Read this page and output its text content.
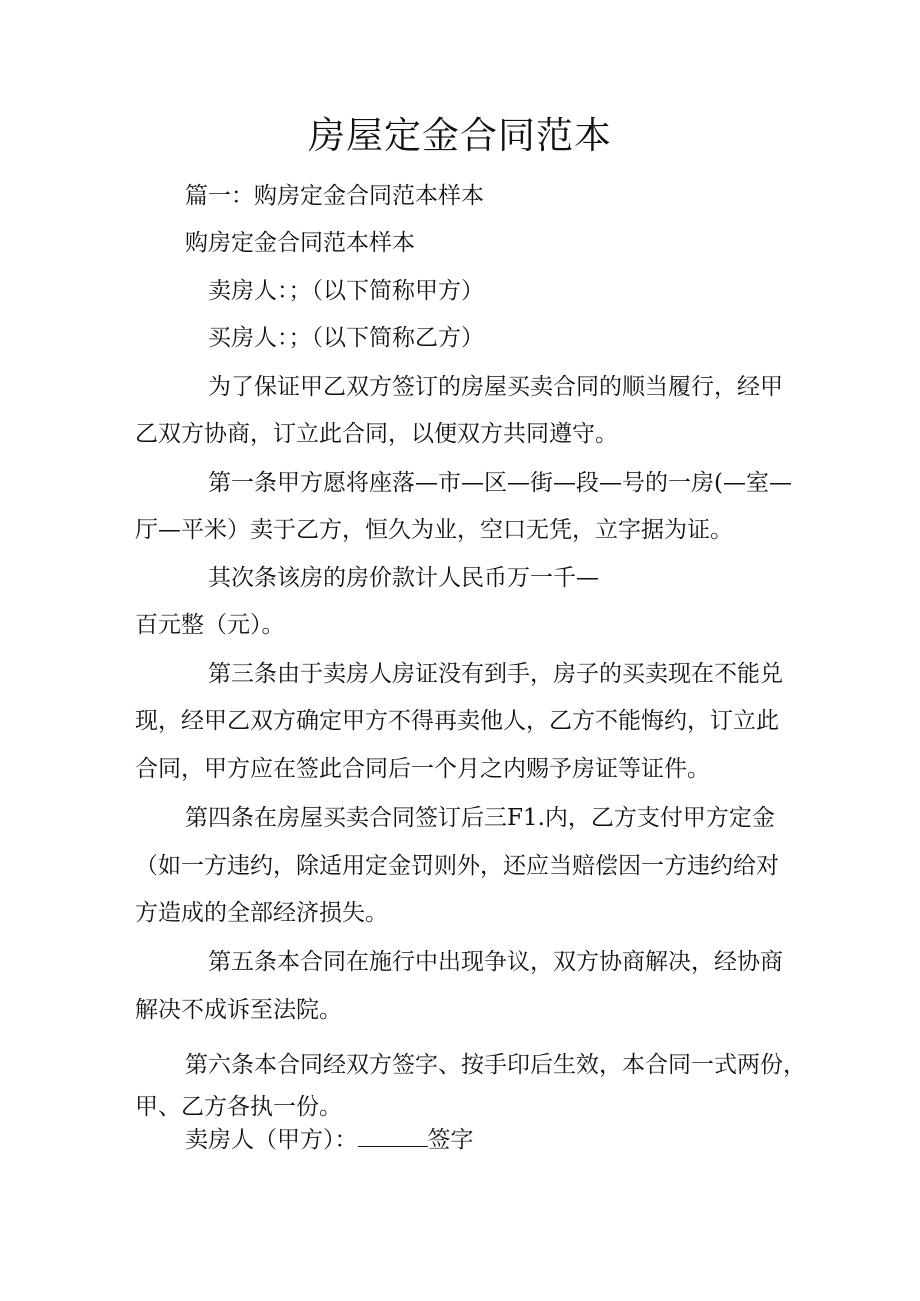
房屋定金合同范本
篇一：购房定金合同范本样本
购房定金合同范本样本
卖房人：；（以下简称甲方）
买房人：；（以下简称乙方）
为了保证甲乙双方签订的房屋买卖合同的顺当履行，经甲
乙双方协商，订立此合同，以便双方共同遵守。
第一条甲方愿将座落—市—区—街—段—号的一房(—室—
厅—平米）卖于乙方，恒久为业，空口无凭，立字据为证。
其次条该房的房价款计人民币万一千—
百元整（元）。
第三条由于卖房人房证没有到手，房子的买卖现在不能兑
现，经甲乙双方确定甲方不得再卖他人，乙方不能悔约，订立此
合同，甲方应在签此合同后一个月之内赐予房证等证件。
第四条在房屋买卖合同签订后三F1.内，乙方支付甲方定金
（如一方违约，除适用定金罚则外，还应当赔偿因一方违约给对
方造成的全部经济损失。
第五条本合同在施行中出现争议，双方协商解决，经协商
解决不成诉至法院。
第六条本合同经双方签字、按手印后生效，本合同一式两份，
甲、乙方各执一份。
卖房人（甲方）：	签字
